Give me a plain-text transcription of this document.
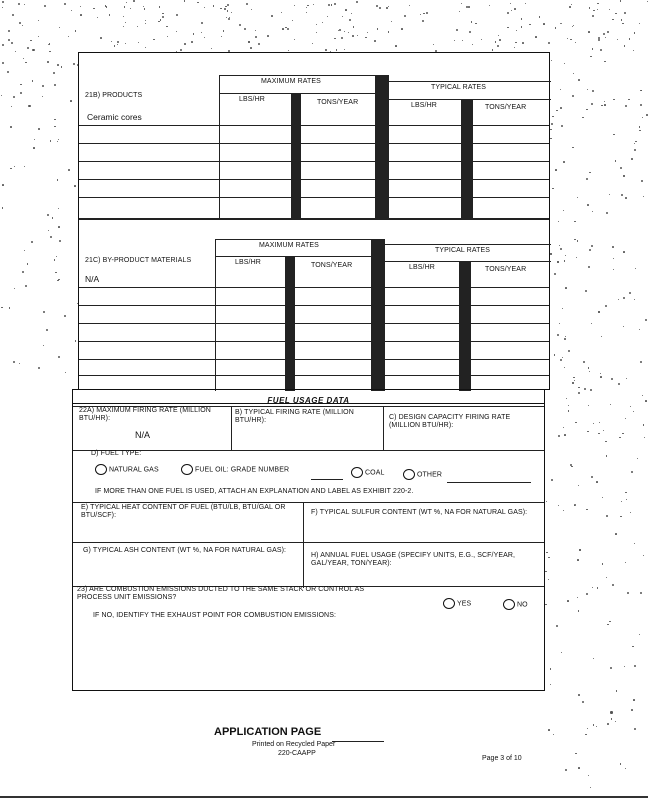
21B) PRODUCTS
Ceramic cores
MAXIMUM RATES
TYPICAL RATES
LBS/HR	TONS/YEAR	LBS/HR	TONS/YEAR
21C) BY-PRODUCT MATERIALS
N/A
MAXIMUM RATES
TYPICAL RATES
LBS/HR	TONS/YEAR	LBS/HR	TONS/YEAR
FUEL USAGE DATA
22A) MAXIMUM FIRING RATE (MILLION BTU/HR):
N/A
B) TYPICAL FIRING RATE (MILLION BTU/HR):	C) DESIGN CAPACITY FIRING RATE (MILLION BTU/HR):
D) FUEL TYPE:
NATURAL GAS	FUEL OIL: GRADE NUMBER	COAL	OTHER
IF MORE THAN ONE FUEL IS USED, ATTACH AN EXPLANATION AND LABEL AS EXHIBIT 220-2.
E) TYPICAL HEAT CONTENT OF FUEL (BTU/LB, BTU/GAL OR BTU/SCF):	F) TYPICAL SULFUR CONTENT (WT %, NA FOR NATURAL GAS):
G) TYPICAL ASH CONTENT (WT %, NA FOR NATURAL GAS):
H) ANNUAL FUEL USAGE (SPECIFY UNITS, E.G., SCF/YEAR, GAL/YEAR, TON/YEAR):
23) ARE COMBUSTION EMISSIONS DUCTED TO THE SAME STACK OR CONTROL AS PROCESS UNIT EMISSIONS?
YES	NO
IF NO, IDENTIFY THE EXHAUST POINT FOR COMBUSTION EMISSIONS:
APPLICATION PAGE
Printed on Recycled Paper
220-CAAPP
Page 3 of 10
